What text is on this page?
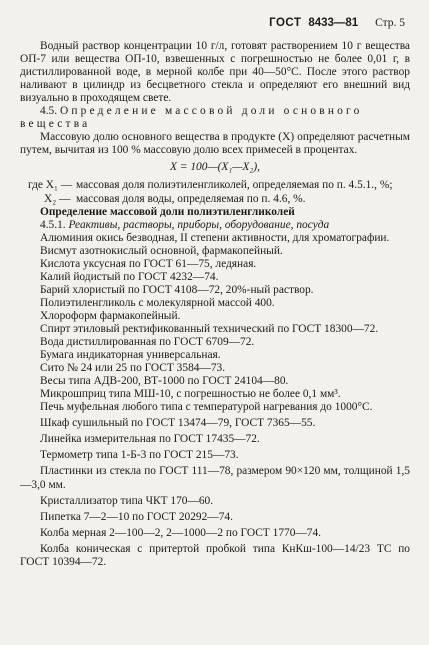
ГОСТ 8433—81 Стр. 5

Водный раствор концентрации 10 г/л, готовят растворением 10 г вещества ОП-7 или вещества ОП-10, взвешенных с погрешностью не более 0,01 г, в дистиллированной воде, в мерной колбе при 40—50°С. После этого раствор наливают в цилиндр из бесцветного стекла и определяют его внешний вид визуально в проходящем свете.

4.5. Определение массовой доли основного вещества

Массовую долю основного вещества в продукте (X) определяют расчетным путем, вычитая из 100 % массовую долю всех примесей в процентах.

X = 100—(X₁—X₂),

где X₁ — массовая доля полиэтиленгликолей, определяемая по п. 4.5.1., %;
X₂ — массовая доля воды, определяемая по п. 4.6, %.

Определение массовой доли полиэтиленгликолей

4.5.1. Реактивы, растворы, приборы, оборудование, посуда

Алюминия окись безводная, II степени активности, для хроматографии.

Висмут азотнокислый основной, фармакопейный.

Кислота уксусная по ГОСТ 61—75, ледяная.

Калий йодистый по ГОСТ 4232—74.

Барий хлористый по ГОСТ 4108—72, 20%-ный раствор.

Полиэтиленгликоль с молекулярной массой 400.

Хлороформ фармакопейный.

Спирт этиловый ректификованный технический по ГОСТ 18300—72.

Вода дистиллированная по ГОСТ 6709—72.

Бумага индикаторная универсальная.

Сито № 24 или 25 по ГОСТ 3584—73.

Весы типа АДВ-200, ВТ-1000 по ГОСТ 24104—80.

Микрошприц типа МШ-10, с погрешностью не более 0,1 мм³.

Печь муфельная любого типа с температурой нагревания до 1000°С.

Шкаф сушильный по ГОСТ 13474—79, ГОСТ 7365—55.

Линейка измерительная по ГОСТ 17435—72.

Термометр типа 1-Б-3 по ГОСТ 215—73.

Пластинки из стекла по ГОСТ 111—78, размером 90×120 мм, толщиной 1,5—3,0 мм.

Кристаллизатор типа ЧКТ 170—60.

Пипетка 7—2—10 по ГОСТ 20292—74.

Колба мерная 2—100—2, 2—1000—2 по ГОСТ 1770—74.

Колба коническая с притертой пробкой типа КнКш-100—14/23 ТС по ГОСТ 10394—72.
